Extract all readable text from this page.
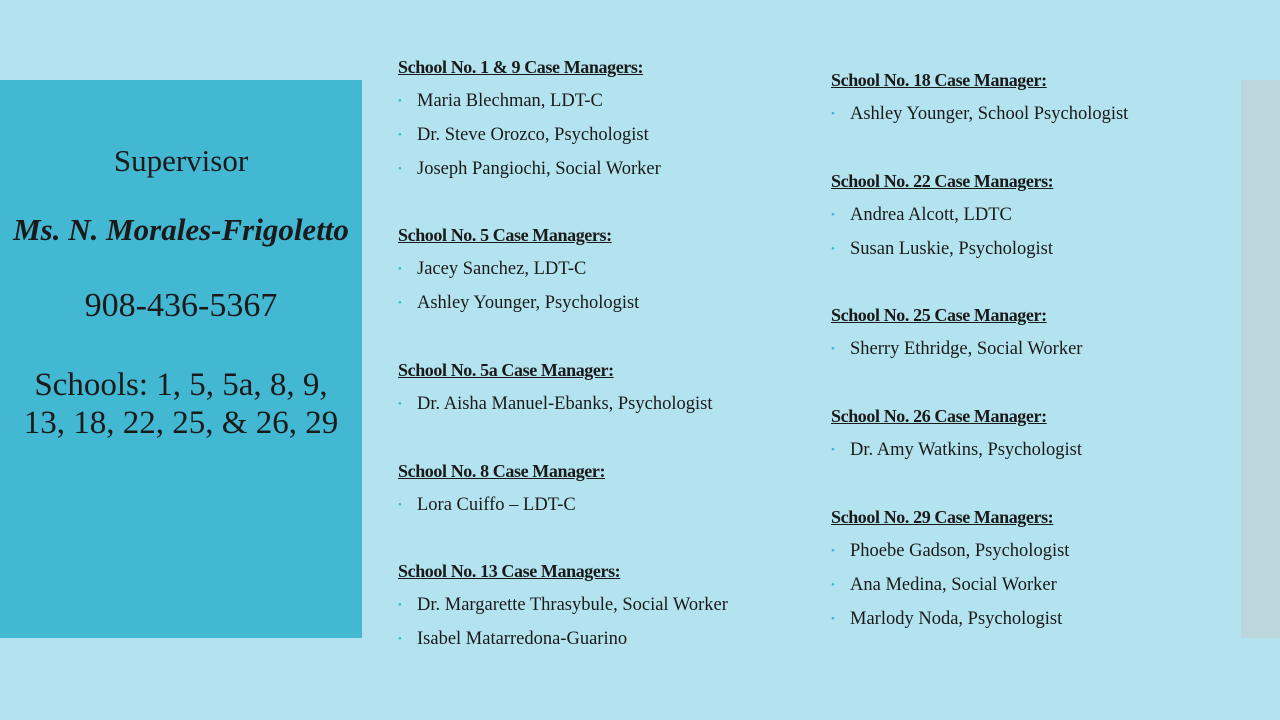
Supervisor
Ms. N. Morales-Frigoletto
908-436-5367
Schools: 1, 5, 5a, 8, 9,
13, 18, 22, 25, & 26, 29
School No. 1 & 9 Case Managers:
• Maria Blechman, LDT-C
• Dr. Steve Orozco, Psychologist
• Joseph Pangiochi, Social Worker
School No. 5 Case Managers:
• Jacey Sanchez, LDT-C
• Ashley Younger, Psychologist
School No. 5a Case Manager:
• Dr. Aisha Manuel-Ebanks, Psychologist
School No. 8 Case Manager:
• Lora Cuiffo – LDT-C
School No. 13 Case Managers:
• Dr. Margarette Thrasybule, Social Worker
• Isabel Matarredona-Guarino
School No. 18 Case Manager:
• Ashley Younger, School Psychologist
School No. 22 Case Managers:
• Andrea Alcott, LDTC
• Susan Luskie, Psychologist
School No. 25 Case Manager:
• Sherry Ethridge, Social Worker
School No. 26 Case Manager:
• Dr. Amy Watkins, Psychologist
School No. 29 Case Managers:
• Phoebe Gadson, Psychologist
• Ana Medina, Social Worker
• Marlody Noda, Psychologist
